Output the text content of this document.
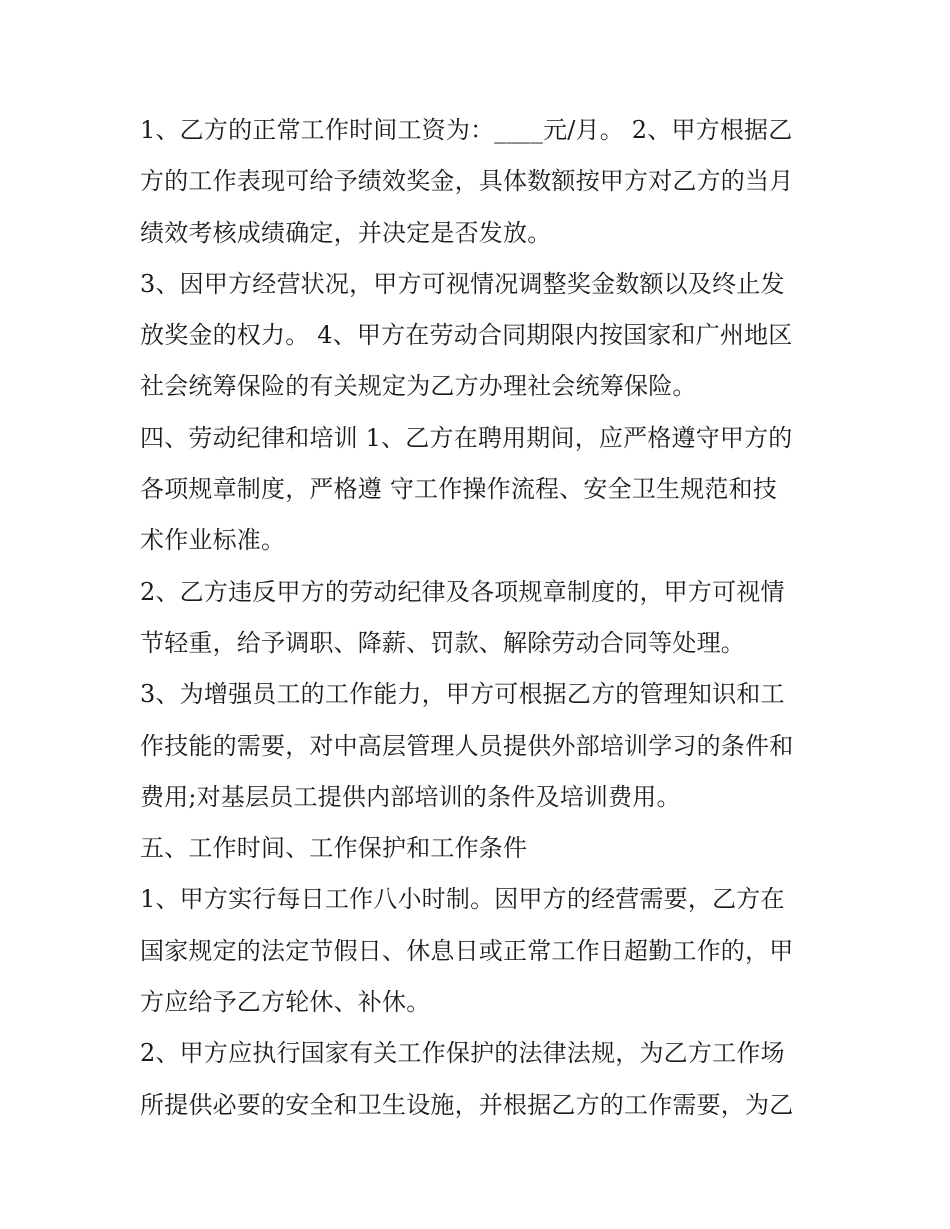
1、乙方的正常工作时间工资为：____元/月。 2、甲方根据乙
方的工作表现可给予绩效奖金，具体数额按甲方对乙方的当月
绩效考核成绩确定，并决定是否发放。
3、因甲方经营状况，甲方可视情况调整奖金数额以及终止发
放奖金的权力。 4、甲方在劳动合同期限内按国家和广州地区
社会统筹保险的有关规定为乙方办理社会统筹保险。
四、劳动纪律和培训 1、乙方在聘用期间，应严格遵守甲方的
各项规章制度，严格遵 守工作操作流程、安全卫生规范和技
术作业标准。
2、乙方违反甲方的劳动纪律及各项规章制度的，甲方可视情
节轻重，给予调职、降薪、罚款、解除劳动合同等处理。
3、为增强员工的工作能力，甲方可根据乙方的管理知识和工
作技能的需要，对中高层管理人员提供外部培训学习的条件和
费用;对基层员工提供内部培训的条件及培训费用。
五、工作时间、工作保护和工作条件
1、甲方实行每日工作八小时制。因甲方的经营需要，乙方在
国家规定的法定节假日、休息日或正常工作日超勤工作的，甲
方应给予乙方轮休、补休。
2、甲方应执行国家有关工作保护的法律法规，为乙方工作场
所提供必要的安全和卫生设施，并根据乙方的工作需要，为乙
